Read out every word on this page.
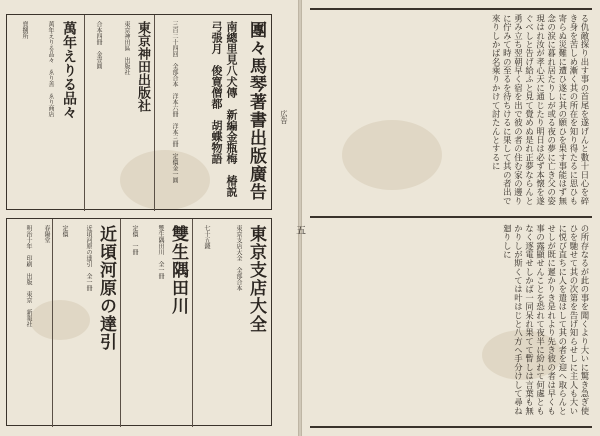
広告
團々馬琴著書出版廣告
南總里見八犬傳　新編金瓶梅　椿説弓張月　俊寛僧都　胡蝶物語
三百二十四回　全部合本　洋本六冊　洋本三冊　定價金一圓
東京神田出版社
東京神田區　出版社
合本四冊　金壹圓
萬年えりる品々
萬年えりる品々　ゑり善　ゑり商店
賣捌所
東京支店大全
東京支店大全　全部合本
七十五錢
雙生隅田川
雙生隅田川　全一冊
定價　一冊
近頃河原の達引
近頃河原の達引　全一冊
定價
春陽堂
明治十年　印刷　出版　東京　新報社
る仇敵探り出す事の首尾を遂げんと數十日心を碎き身を苦しめ漸く其の所在を知り得たるに思ひも寄らぬ災難に遭ひ遂に其の願ひを果す事能はず無念の涙に暮れ居たりしが或る夜の夢に亡き父の姿現はれ汝が孝心天に通じたり明日は必ず本懐を遂ぐべしと告げ給ふと見て覺めぬ是れ正夢ならんと勇み立ち翌朝早く宿を出で彼の者の住む家の邊りに佇みて時の至るを待ちけるに果して其の者出で來りしかば名乘りかけて討たんとするに
の所存なるが此の事を聞くより大いに驚き急ぎ使ひを馳せて其の次第を告げ知らせしに主人も大いに悦び直ちに人を遣はして其の者を迎へ取らんとせしが既に遲かりき是れより先き彼の者は早くも事の露顯せんことを恐れて夜半に紛れて何處ともなく逐電せしかば一同呆れ果てて暫しは言葉も無かりしが斯くては叶はじと八方へ手分けして尋ね廻りしに
五
